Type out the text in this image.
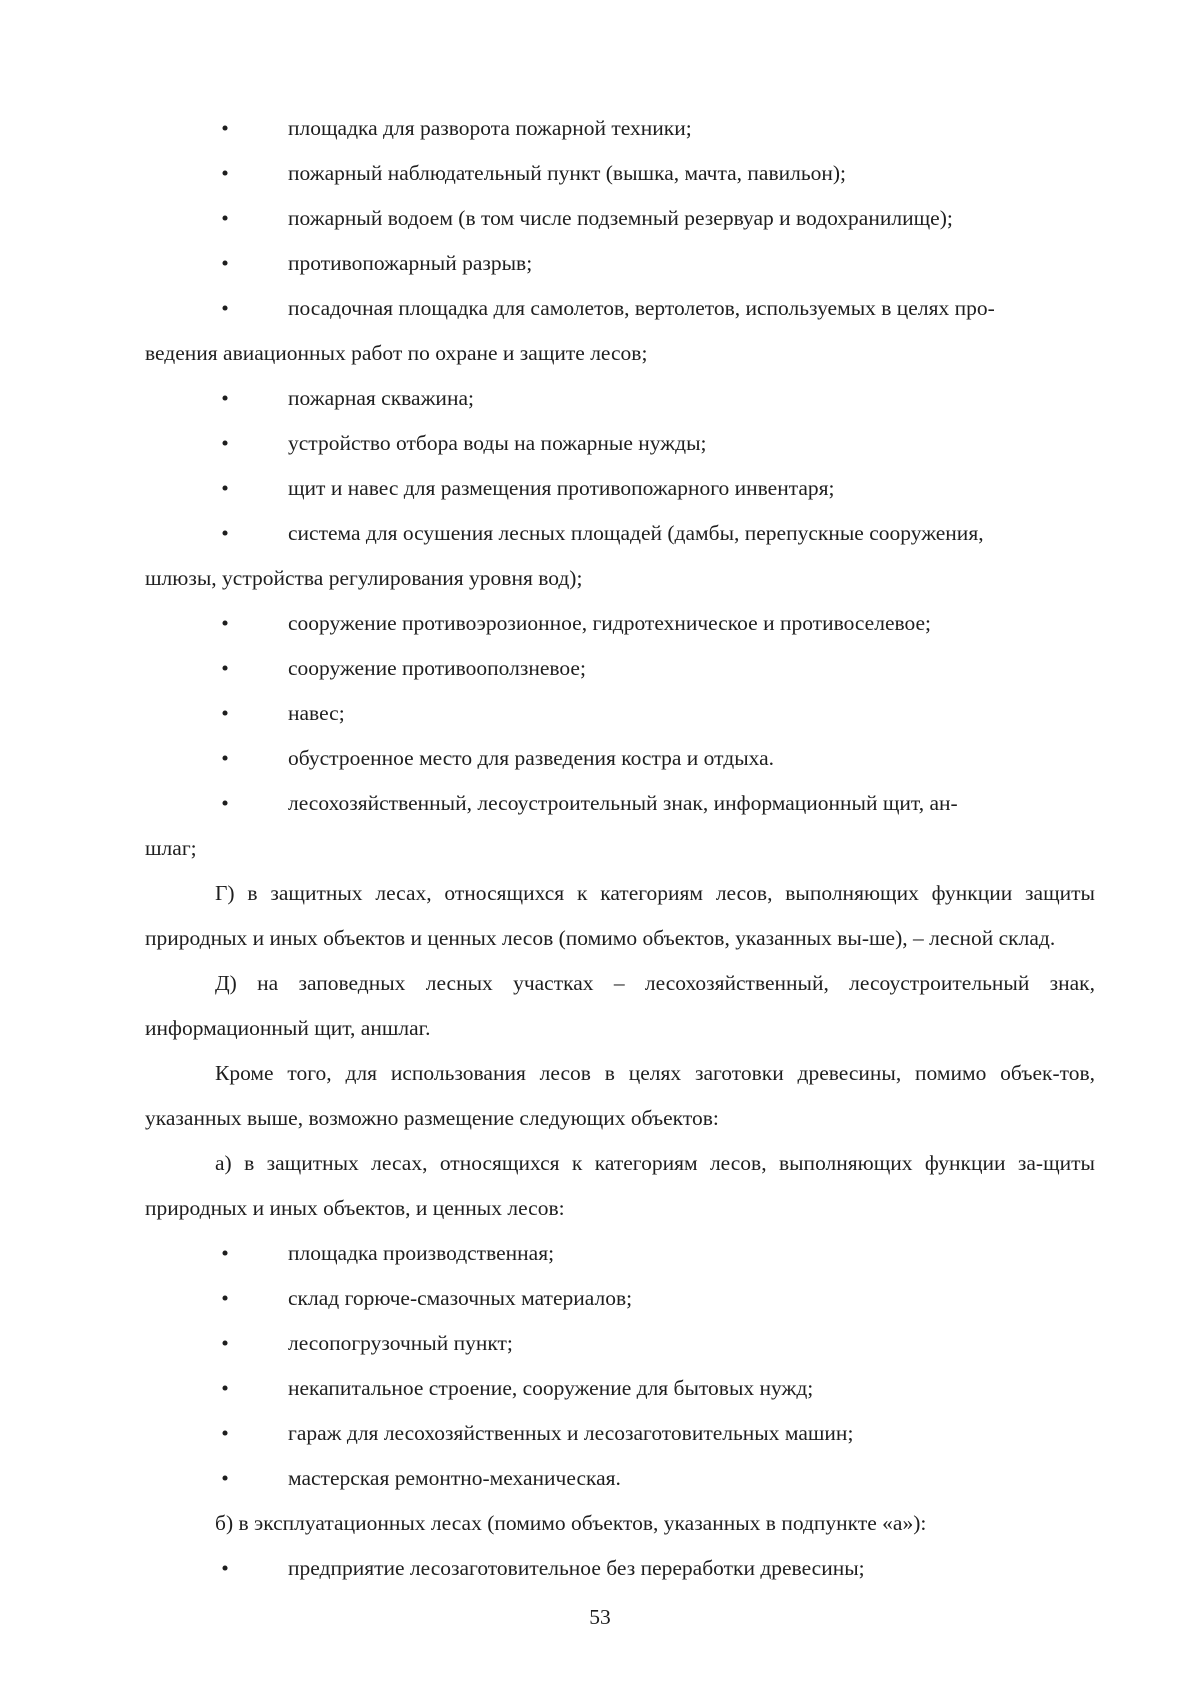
•	площадка для разворота пожарной техники;
•	пожарный наблюдательный пункт (вышка, мачта, павильон);
•	пожарный водоем (в том числе подземный резервуар и водохранилище);
•	противопожарный разрыв;
•	посадочная площадка для самолетов, вертолетов, используемых в целях про-
ведения авиационных работ по охране и защите лесов;
•	пожарная скважина;
•	устройство отбора воды на пожарные нужды;
•	щит и навес для размещения противопожарного инвентаря;
•	система для осушения лесных площадей (дамбы, перепускные сооружения,
шлюзы, устройства регулирования уровня вод);
•	сооружение противоэрозионное, гидротехническое и противоселевое;
•	сооружение противооползневое;
•	навес;
•	обустроенное место для разведения костра и отдыха.
•	лесохозяйственный, лесоустроительный знак, информационный щит, ан-
шлаг;

Г) в защитных лесах, относящихся к категориям лесов, выполняющих функции защиты природных и иных объектов и ценных лесов (помимо объектов, указанных вы-ше), – лесной склад.

Д) на заповедных лесных участках – лесохозяйственный, лесоустроительный знак, информационный щит, аншлаг.

Кроме того, для использования лесов в целях заготовки древесины, помимо объек-тов, указанных выше, возможно размещение следующих объектов:

а) в защитных лесах, относящихся к категориям лесов, выполняющих функции за-щиты природных и иных объектов, и ценных лесов:

•	площадка производственная;
•	склад горюче-смазочных материалов;
•	лесопогрузочный пункт;
•	некапитальное строение, сооружение для бытовых нужд;
•	гараж для лесохозяйственных и лесозаготовительных машин;
•	мастерская ремонтно-механическая.

б) в эксплуатационных лесах (помимо объектов, указанных в подпункте «а»):

•	предприятие лесозаготовительное без переработки древесины;
53
